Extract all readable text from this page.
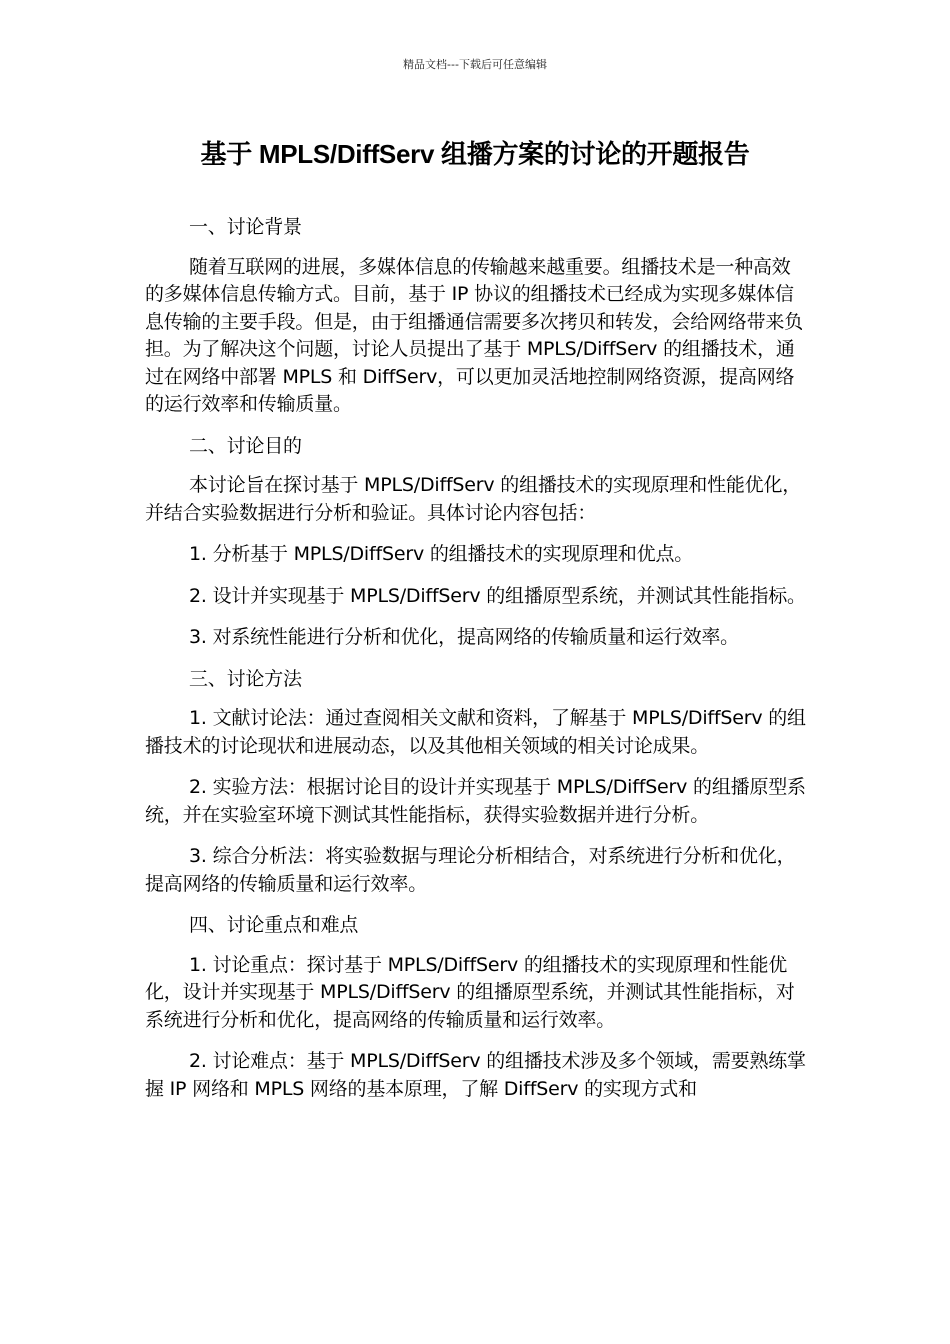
精品文档---下载后可任意编辑
基于 MPLS/DiffServ 组播方案的讨论的开题报告
一、讨论背景
随着互联网的进展，多媒体信息的传输越来越重要。组播技术是一种高效的多媒体信息传输方式。目前，基于 IP 协议的组播技术已经成为实现多媒体信息传输的主要手段。但是，由于组播通信需要多次拷贝和转发，会给网络带来负担。为了解决这个问题，讨论人员提出了基于 MPLS/DiffServ 的组播技术，通过在网络中部署 MPLS 和 DiffServ，可以更加灵活地控制网络资源，提高网络的运行效率和传输质量。
二、讨论目的
本讨论旨在探讨基于 MPLS/DiffServ 的组播技术的实现原理和性能优化，并结合实验数据进行分析和验证。具体讨论内容包括：
1. 分析基于 MPLS/DiffServ 的组播技术的实现原理和优点。
2. 设计并实现基于 MPLS/DiffServ 的组播原型系统，并测试其性能指标。
3. 对系统性能进行分析和优化，提高网络的传输质量和运行效率。
三、讨论方法
1. 文献讨论法：通过查阅相关文献和资料，了解基于 MPLS/DiffServ 的组播技术的讨论现状和进展动态，以及其他相关领域的相关讨论成果。
2. 实验方法：根据讨论目的设计并实现基于 MPLS/DiffServ 的组播原型系统，并在实验室环境下测试其性能指标，获得实验数据并进行分析。
3. 综合分析法：将实验数据与理论分析相结合，对系统进行分析和优化，提高网络的传输质量和运行效率。
四、讨论重点和难点
1. 讨论重点：探讨基于 MPLS/DiffServ 的组播技术的实现原理和性能优化，设计并实现基于 MPLS/DiffServ 的组播原型系统，并测试其性能指标，对系统进行分析和优化，提高网络的传输质量和运行效率。
2. 讨论难点：基于 MPLS/DiffServ 的组播技术涉及多个领域，需要熟练掌握 IP 网络和 MPLS 网络的基本原理，了解 DiffServ 的实现方式和
